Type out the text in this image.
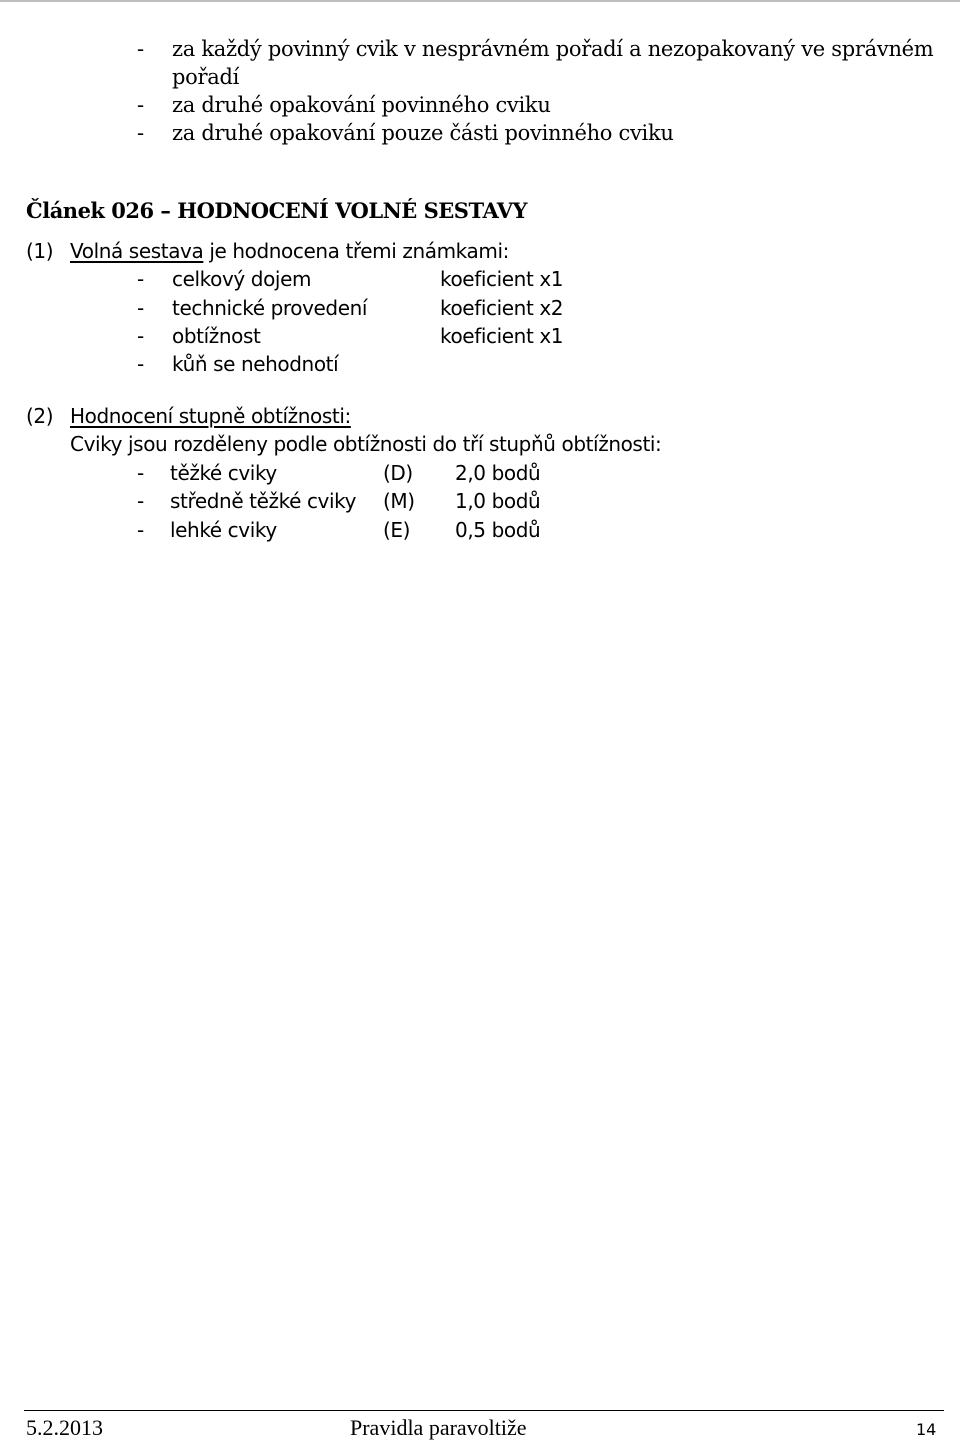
- za každý povinný cvik v nesprávném pořadí a nezopakovaný ve správném
pořadí
- za druhé opakování povinného cviku
- za druhé opakování pouze části povinného cviku
Článek 026 – HODNOCENÍ VOLNÉ SESTAVY
(1) Volná sestava je hodnocena třemi známkami:
- celkový dojem	koeficient x1
- technické provedení	koeficient x2
- obtížnost	koeficient x1
- kůň se nehodnotí
(2) Hodnocení stupně obtížnosti:
Cviky jsou rozděleny podle obtížnosti do tří stupňů obtížnosti:
- těžké cviky	(D) 2,0 bodů
- středně těžké cviky (M) 1,0 bodů
- lehké cviky	(E) 0,5 bodů
5.2.2013	Pravidla paravoltiže	14
